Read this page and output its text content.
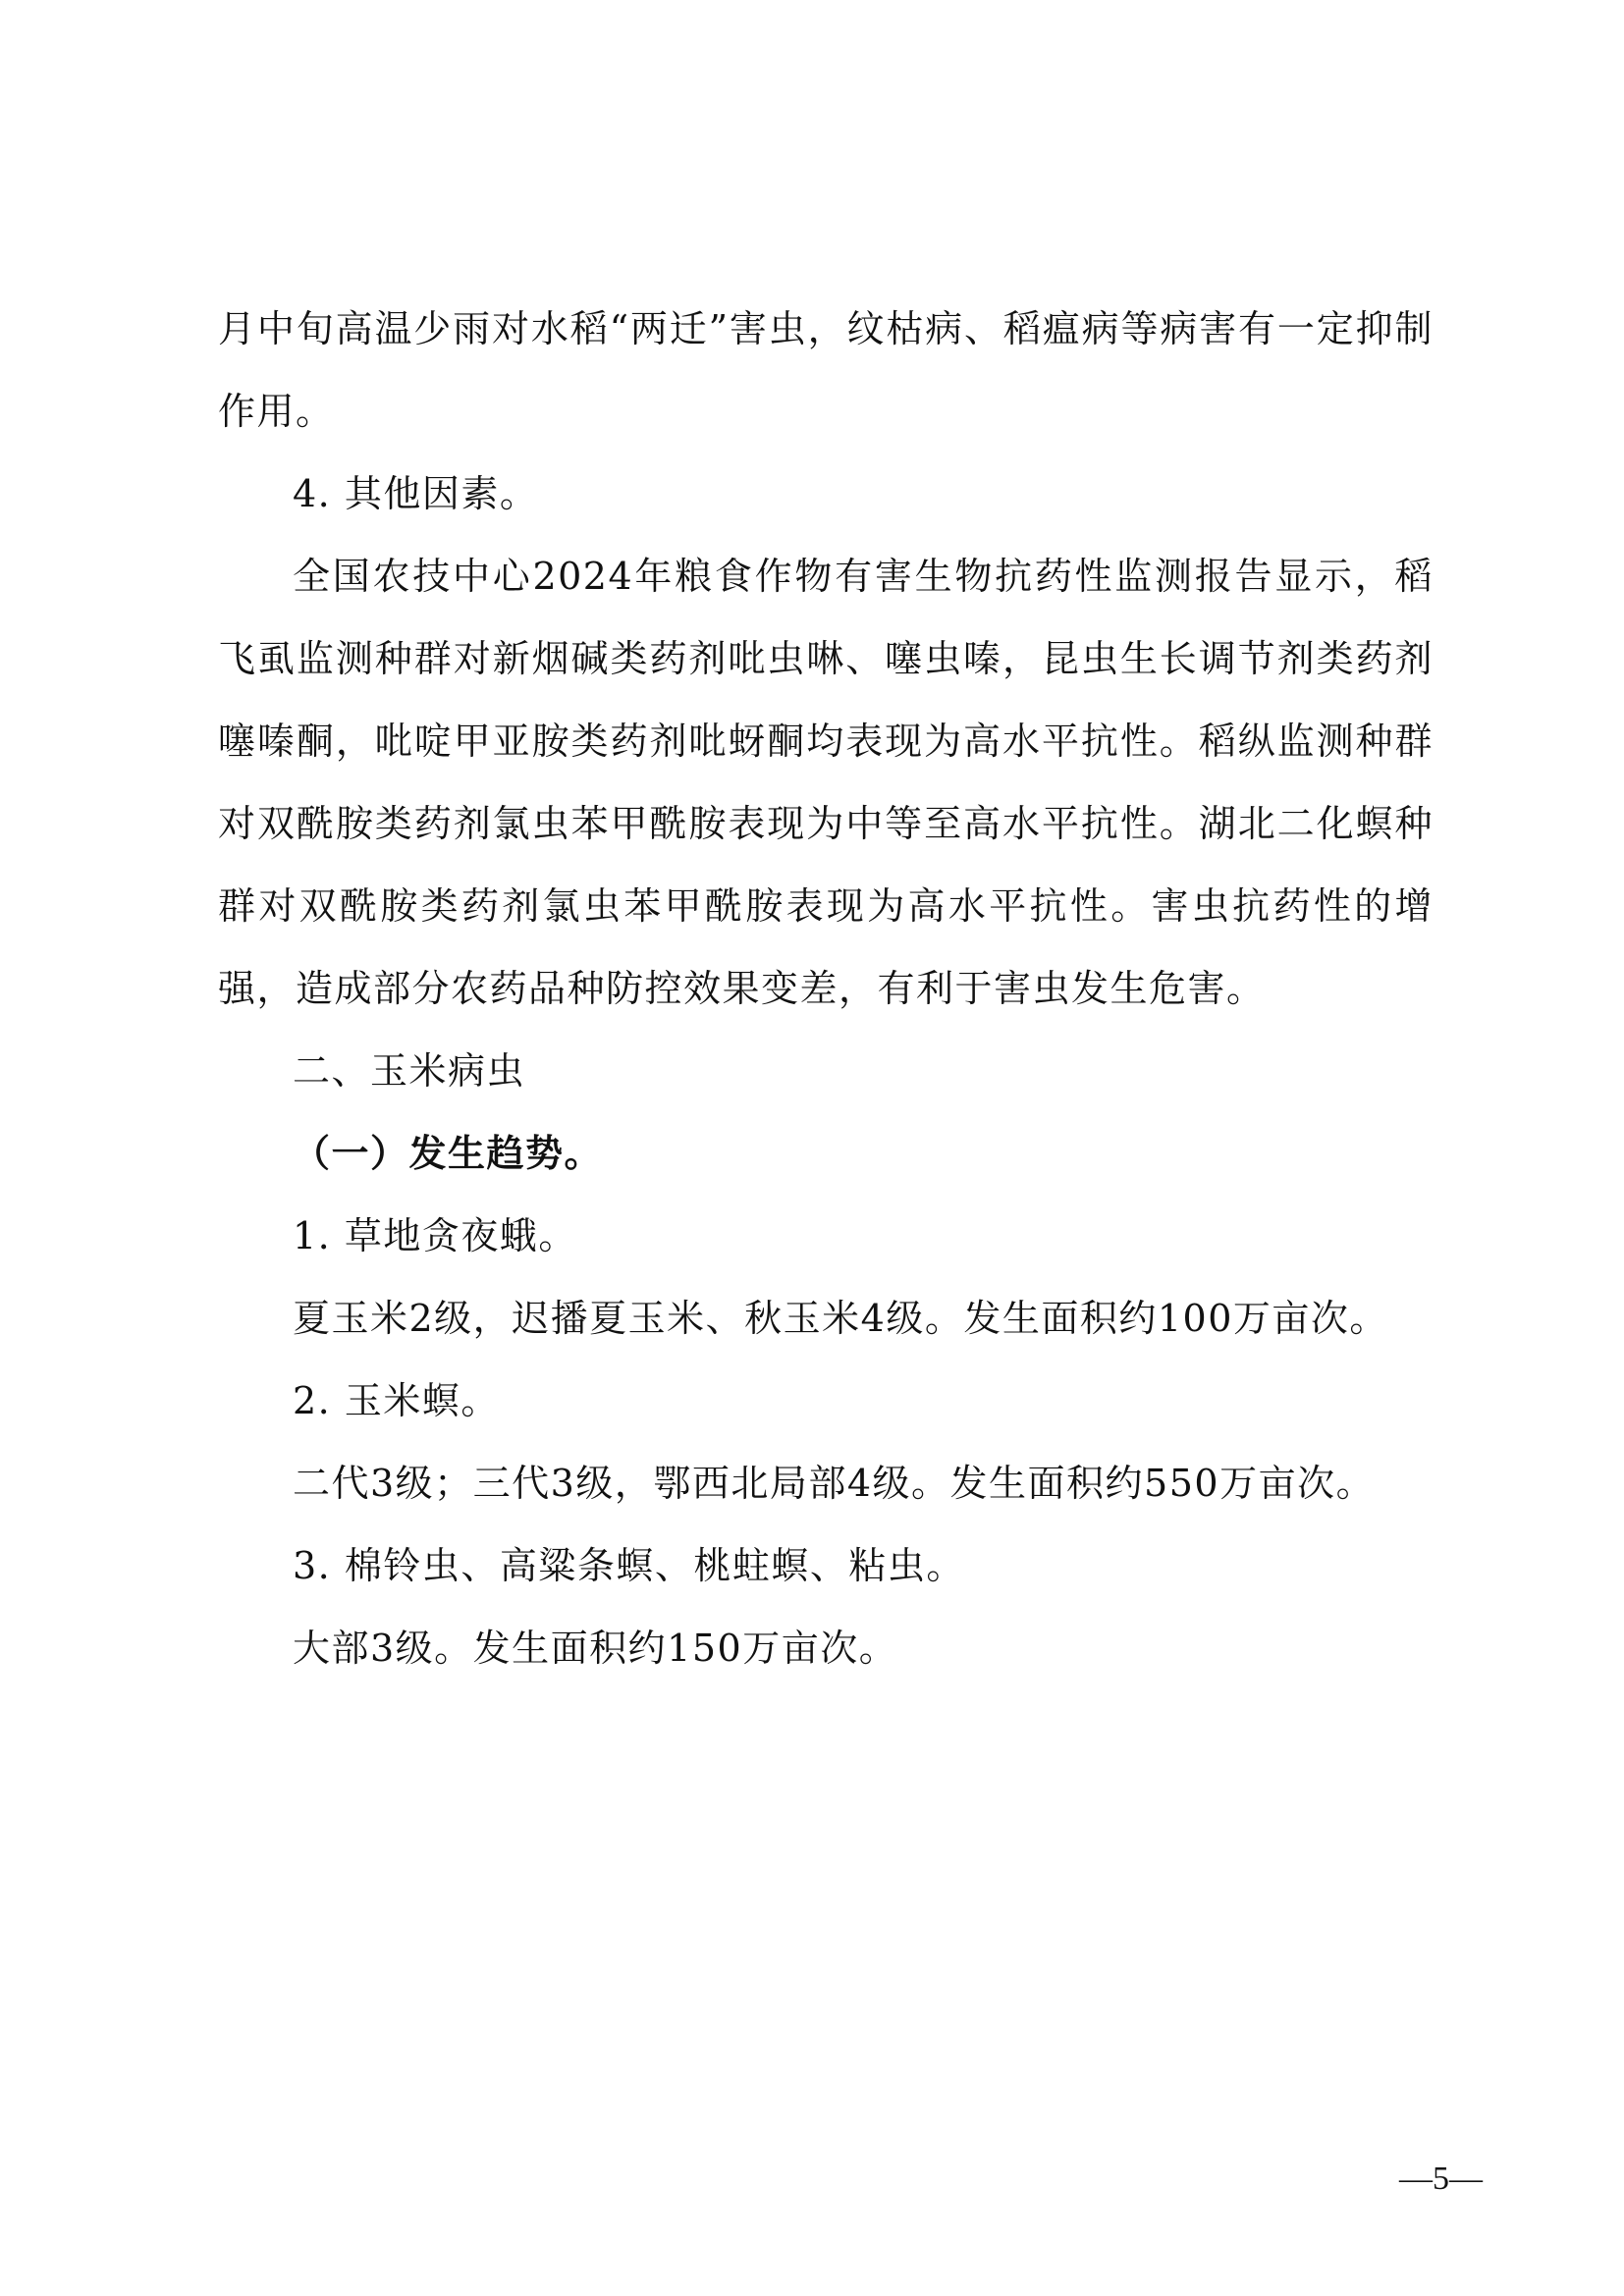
月中旬高温少雨对水稻“两迁”害虫，纹枯病、稻瘟病等病害有一定抑制作用。

4. 其他因素。

全国农技中心2024年粮食作物有害生物抗药性监测报告显示，稻飞虱监测种群对新烟碱类药剂吡虫啉、噻虫嗪，昆虫生长调节剂类药剂噻嗪酮，吡啶甲亚胺类药剂吡蚜酮均表现为高水平抗性。稻纵监测种群对双酰胺类药剂氯虫苯甲酰胺表现为中等至高水平抗性。湖北二化螟种群对双酰胺类药剂氯虫苯甲酰胺表现为高水平抗性。害虫抗药性的增强，造成部分农药品种防控效果变差，有利于害虫发生危害。

二、玉米病虫

（一）发生趋势。

1. 草地贪夜蛾。

夏玉米2级，迟播夏玉米、秋玉米4级。发生面积约100万亩次。

2. 玉米螟。

二代3级；三代3级，鄂西北局部4级。发生面积约550万亩次。

3. 棉铃虫、高粱条螟、桃蛀螟、粘虫。

大部3级。发生面积约150万亩次。

—5—
